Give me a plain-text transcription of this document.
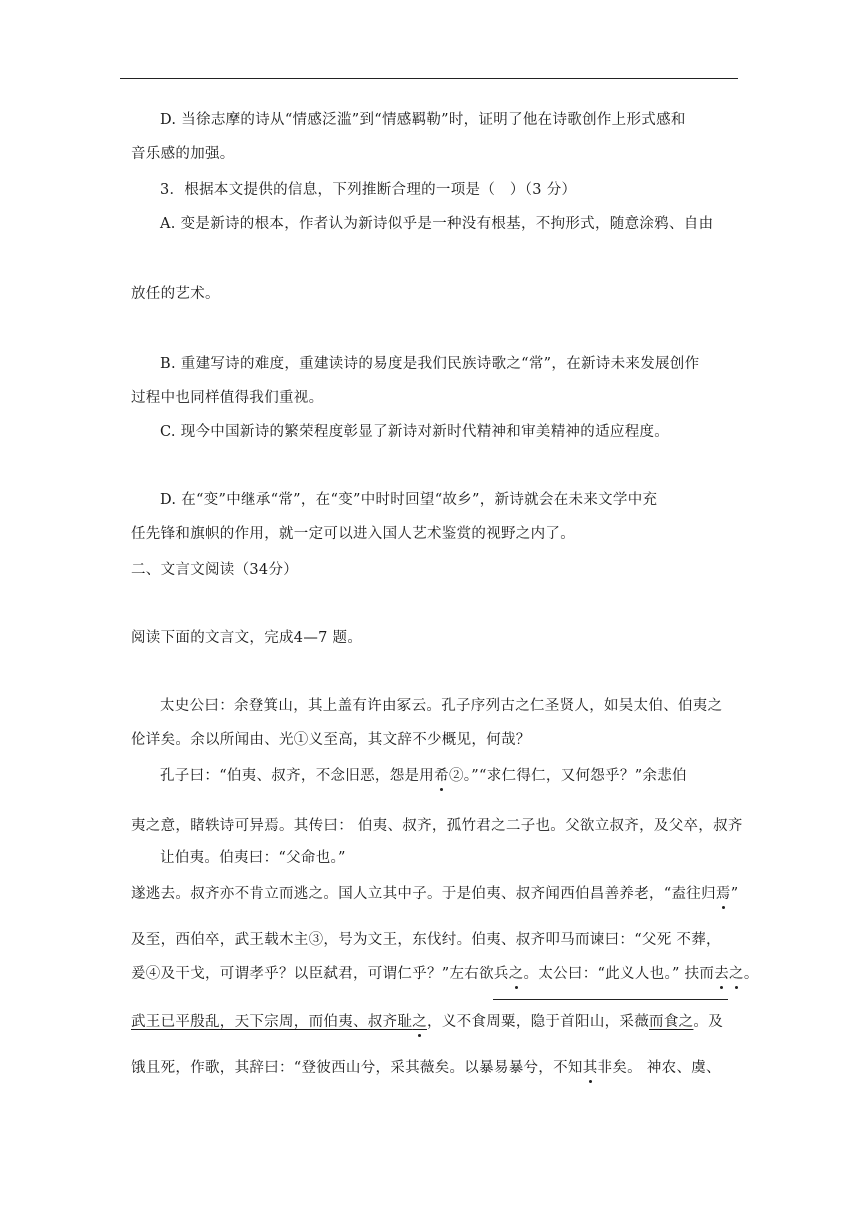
D. 当徐志摩的诗从“情感泛滥”到“情感羁勒”时，证明了他在诗歌创作上形式感和
音乐感的加强。
3．根据本文提供的信息，下列推断合理的一项是（　）（3 分）
A. 变是新诗的根本，作者认为新诗似乎是一种没有根基，不拘形式，随意涂鸦、自由
放任的艺术。
B. 重建写诗的难度，重建读诗的易度是我们民族诗歌之“常”，在新诗未来发展创作
过程中也同样值得我们重视。
C. 现今中国新诗的繁荣程度彰显了新诗对新时代精神和审美精神的适应程度。
D. 在“变”中继承“常”，在“变”中时时回望“故乡”，新诗就会在未来文学中充
任先锋和旗帜的作用，就一定可以进入国人艺术鉴赏的视野之内了。
二、文言文阅读（34分）
阅读下面的文言文，完成4—7 题。
太史公曰：余登箕山，其上盖有许由冢云。孔子序列古之仁圣贤人，如吴太伯、伯夷之
伦详矣。余以所闻由、光①义至高，其文辞不少概见，何哉？
孔子曰：“伯夷、叔齐，不念旧恶，怨是用希②。”“求仁得仁，又何怨乎？”余悲伯
夷之意，睹轶诗可异焉。其传曰： 伯夷、叔齐，孤竹君之二子也。父欲立叔齐，及父卒，叔齐
让伯夷。伯夷曰：“父命也。”
遂逃去。叔齐亦不肯立而逃之。国人立其中子。于是伯夷、叔齐闻西伯昌善养老，“盍往归焉”
及至，西伯卒，武王载木主③，号为文王，东伐纣。伯夷、叔齐叩马而谏曰：“父死 不葬，
爰④及干戈，可谓孝乎？以臣弑君，可谓仁乎？”左右欲兵之。太公曰：“此义人也。” 扶而去之。
武王已平殷乱，天下宗周，而伯夷、叔齐耻之，义不食周粟，隐于首阳山，采薇而食之。及
饿且死，作歌，其辞曰：“登彼西山兮，采其薇矣。以暴易暴兮，不知其非矣。 神农、虞、
